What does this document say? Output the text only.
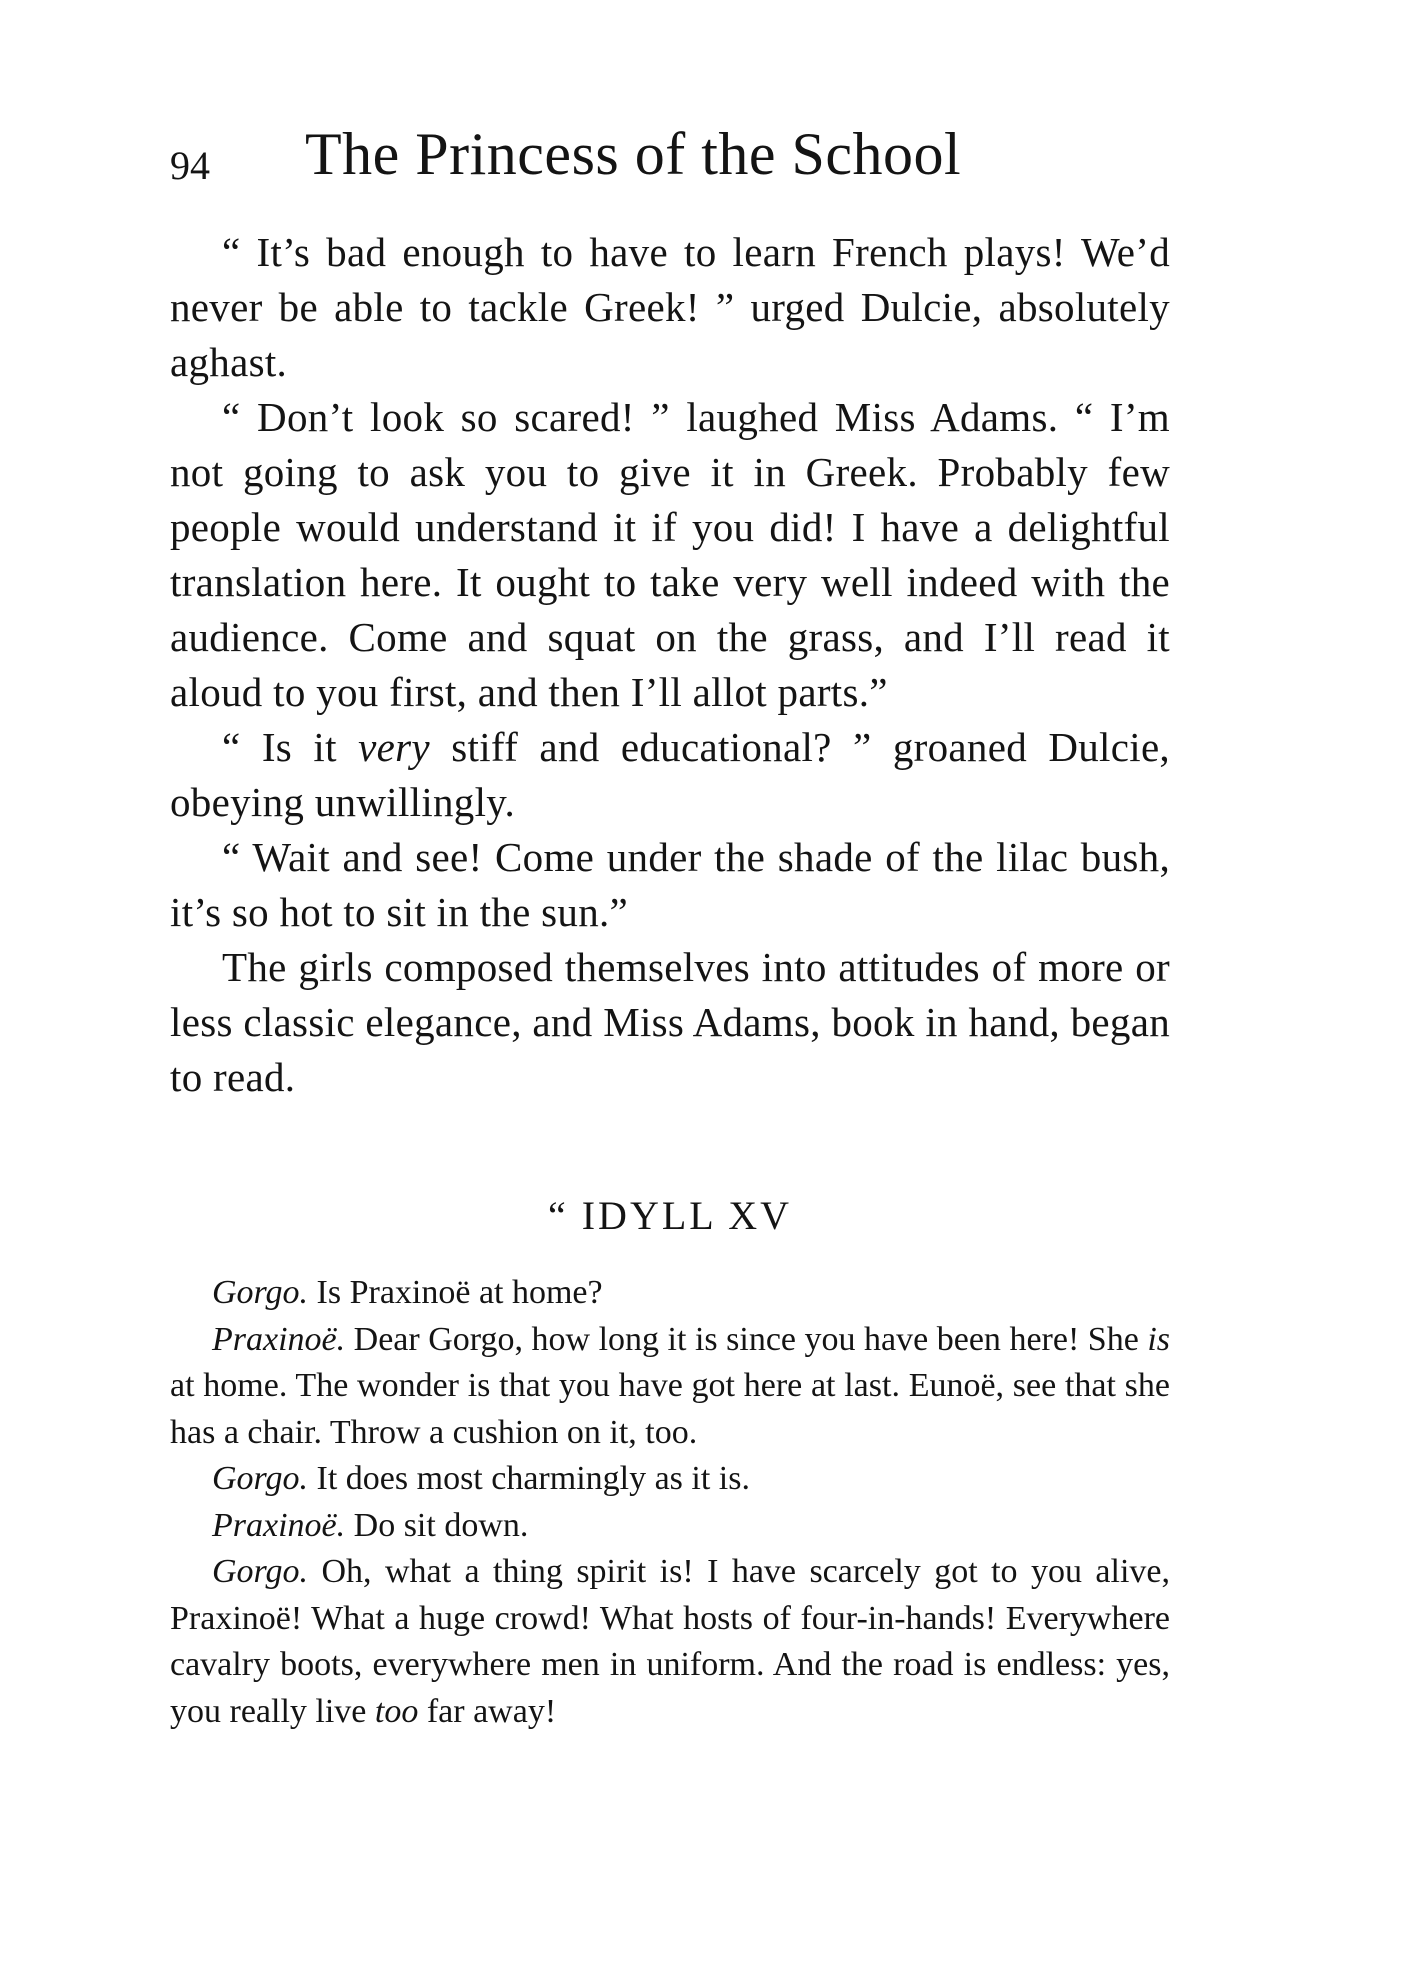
94 The Princess of the School

“ It’s bad enough to have to learn French plays! We’d never be able to tackle Greek! ” urged Dulcie, absolutely aghast.

“ Don’t look so scared! ” laughed Miss Adams. “ I’m not going to ask you to give it in Greek. Probably few people would understand it if you did! I have a delightful translation here. It ought to take very well indeed with the audience. Come and squat on the grass, and I’ll read it aloud to you first, and then I’ll allot parts.”

“ Is it very stiff and educational? ” groaned Dulcie, obeying unwillingly.

“ Wait and see! Come under the shade of the lilac bush, it’s so hot to sit in the sun.”

The girls composed themselves into attitudes of more or less classic elegance, and Miss Adams, book in hand, began to read.

“ IDYLL XV

Gorgo. Is Praxinoë at home?

Praxinoë. Dear Gorgo, how long it is since you have been here! She is at home. The wonder is that you have got here at last. Eunoë, see that she has a chair. Throw a cushion on it, too.

Gorgo. It does most charmingly as it is.

Praxinoë. Do sit down.

Gorgo. Oh, what a thing spirit is! I have scarcely got to you alive, Praxinoë! What a huge crowd! What hosts of four-in-hands! Everywhere cavalry boots, everywhere men in uniform. And the road is endless: yes, you really live too far away!
